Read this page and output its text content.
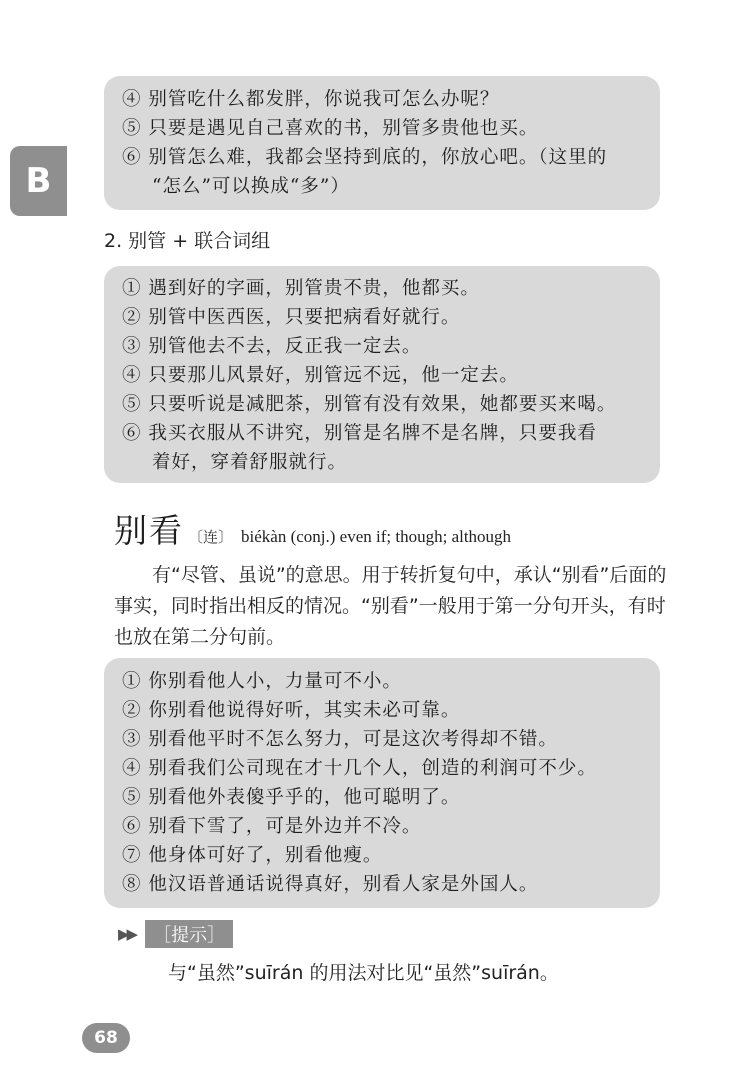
B
④ 别管吃什么都发胖，你说我可怎么办呢？
⑤ 只要是遇见自己喜欢的书，别管多贵他也买。
⑥ 别管怎么难，我都会坚持到底的，你放心吧。（这里的
“怎么”可以换成“多”）
2. 别管 + 联合词组
① 遇到好的字画，别管贵不贵，他都买。
② 别管中医西医，只要把病看好就行。
③ 别管他去不去，反正我一定去。
④ 只要那儿风景好，别管远不远，他一定去。
⑤ 只要听说是减肥茶，别管有没有效果，她都要买来喝。
⑥ 我买衣服从不讲究，别管是名牌不是名牌，只要我看
着好，穿着舒服就行。
别看 〔连〕 biékàn (conj.) even if; though; although
有“尽管、虽说”的意思。用于转折复句中，承认“别看”后面的事实，同时指出相反的情况。“别看”一般用于第一分句开头，有时也放在第二分句前。
① 你别看他人小，力量可不小。
② 你别看他说得好听，其实未必可靠。
③ 别看他平时不怎么努力，可是这次考得却不错。
④ 别看我们公司现在才十几个人，创造的利润可不少。
⑤ 别看他外表傻乎乎的，他可聪明了。
⑥ 别看下雪了，可是外边并不冷。
⑦ 他身体可好了，别看他瘦。
⑧ 他汉语普通话说得真好，别看人家是外国人。
▶▶	［提示］
与“虽然”suīrán 的用法对比见“虽然”suīrán。
68
